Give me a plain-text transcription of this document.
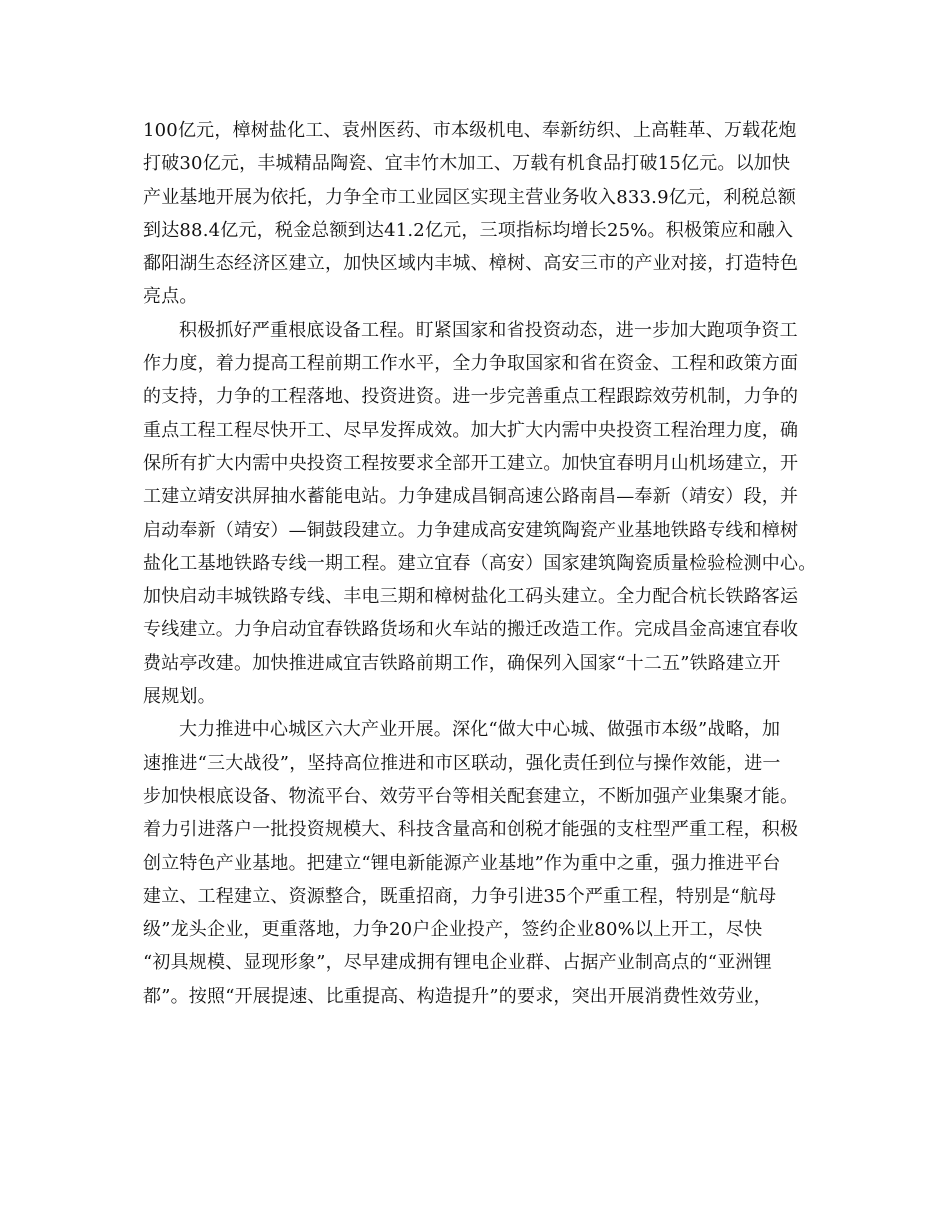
100亿元，樟树盐化工、袁州医药、市本级机电、奉新纺织、上高鞋革、万载花炮
打破30亿元，丰城精品陶瓷、宜丰竹木加工、万载有机食品打破15亿元。以加快
产业基地开展为依托，力争全市工业园区实现主营业务收入833.9亿元，利税总额
到达88.4亿元，税金总额到达41.2亿元，三项指标均增长25%。积极策应和融入
鄱阳湖生态经济区建立，加快区域内丰城、樟树、高安三市的产业对接，打造特色
亮点。
积极抓好严重根底设备工程。盯紧国家和省投资动态，进一步加大跑项争资工
作力度，着力提高工程前期工作水平，全力争取国家和省在资金、工程和政策方面
的支持，力争的工程落地、投资进资。进一步完善重点工程跟踪效劳机制，力争的
重点工程工程尽快开工、尽早发挥成效。加大扩大内需中央投资工程治理力度，确
保所有扩大内需中央投资工程按要求全部开工建立。加快宜春明月山机场建立，开
工建立靖安洪屏抽水蓄能电站。力争建成昌铜高速公路南昌—奉新（靖安）段，并
启动奉新（靖安）—铜鼓段建立。力争建成高安建筑陶瓷产业基地铁路专线和樟树
盐化工基地铁路专线一期工程。建立宜春（高安）国家建筑陶瓷质量检验检测中心。
加快启动丰城铁路专线、丰电三期和樟树盐化工码头建立。全力配合杭长铁路客运
专线建立。力争启动宜春铁路货场和火车站的搬迁改造工作。完成昌金高速宜春收
费站亭改建。加快推进咸宜吉铁路前期工作，确保列入国家“十二五”铁路建立开
展规划。
大力推进中心城区六大产业开展。深化“做大中心城、做强市本级”战略，加
速推进“三大战役”，坚持高位推进和市区联动，强化责任到位与操作效能，进一
步加快根底设备、物流平台、效劳平台等相关配套建立，不断加强产业集聚才能。
着力引进落户一批投资规模大、科技含量高和创税才能强的支柱型严重工程，积极
创立特色产业基地。把建立“锂电新能源产业基地”作为重中之重，强力推进平台
建立、工程建立、资源整合，既重招商，力争引进35个严重工程，特别是“航母
级”龙头企业，更重落地，力争20户企业投产，签约企业80%以上开工，尽快
“初具规模、显现形象”，尽早建成拥有锂电企业群、占据产业制高点的“亚洲锂
都”。按照“开展提速、比重提高、构造提升”的要求，突出开展消费性效劳业，
